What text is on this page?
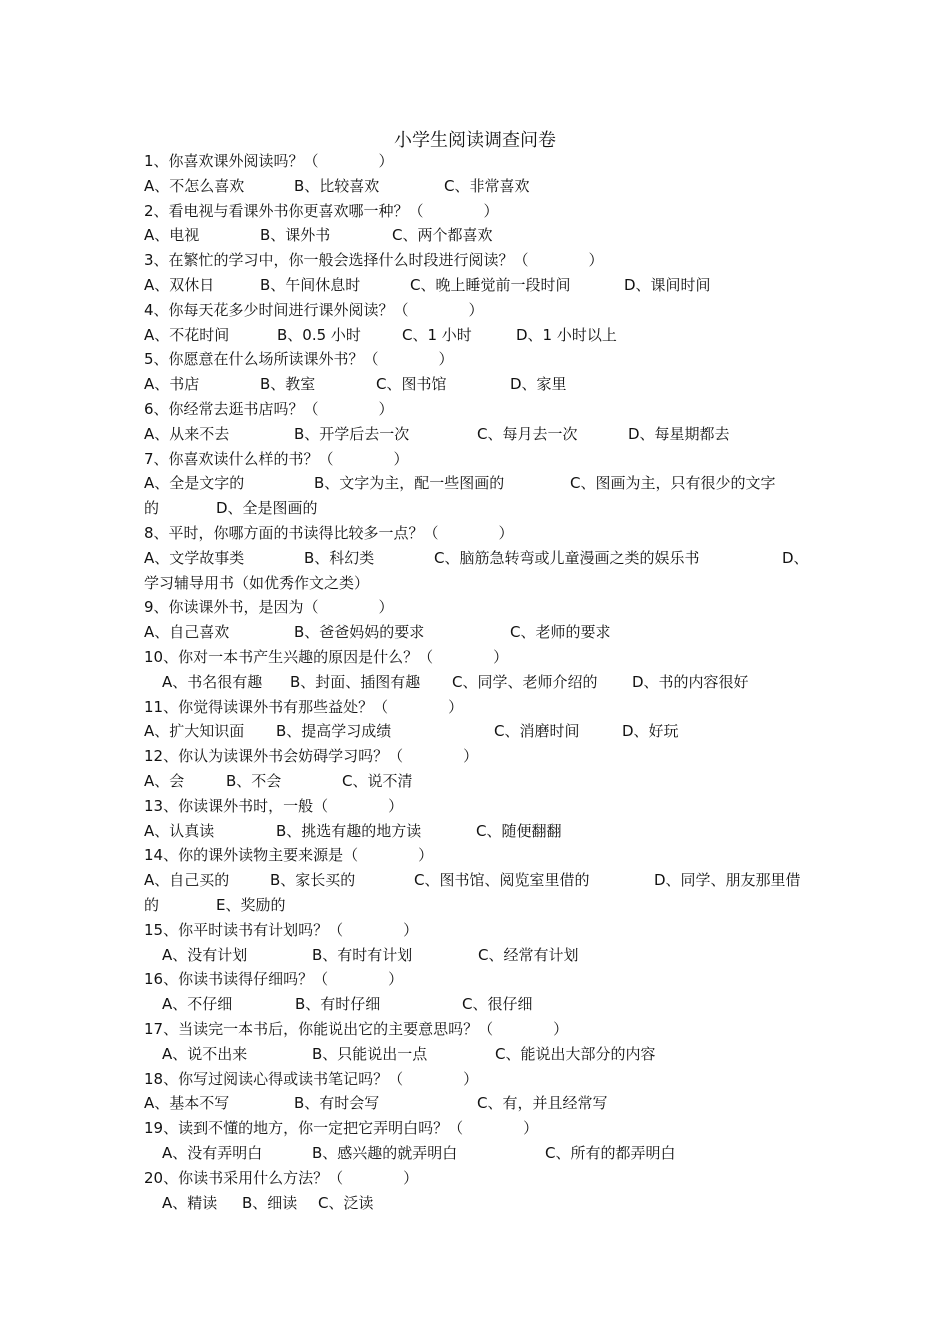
小学生阅读调查问卷
1、你喜欢课外阅读吗？（　　　　）
A、不怎么喜欢	B、比较喜欢	C、非常喜欢
2、看电视与看课外书你更喜欢哪一种？（　　　　）
A、电视	B、课外书	C、两个都喜欢
3、在繁忙的学习中，你一般会选择什么时段进行阅读？（　　　　）
A、双休日	B、午间休息时	C、晚上睡觉前一段时间	D、课间时间
4、你每天花多少时间进行课外阅读？（　　　　）
A、不花时间	B、0.5 小时	C、1 小时	D、1 小时以上
5、你愿意在什么场所读课外书？（　　　　）
A、书店	B、教室	C、图书馆	D、家里
6、你经常去逛书店吗？（　　　　）
A、从来不去	B、开学后去一次	C、每月去一次	D、每星期都去
7、你喜欢读什么样的书？（　　　　）
A、全是文字的	B、文字为主，配一些图画的	C、图画为主，只有很少的文字
的	D、全是图画的
8、平时，你哪方面的书读得比较多一点？（　　　　）
A、文学故事类	B、科幻类	C、脑筋急转弯或儿童漫画之类的娱乐书	D、
学习辅导用书（如优秀作文之类）
9、你读课外书，是因为（　　　　）
A、自己喜欢	B、爸爸妈妈的要求	C、老师的要求
10、你对一本书产生兴趣的原因是什么？（　　　　）
A、书名很有趣 B、封面、插图有趣 C、同学、老师介绍的 D、书的内容很好
11、你觉得读课外书有那些益处？（　　　　）
A、扩大知识面 B、提高学习成绩	C、消磨时间	D、好玩
12、你认为读课外书会妨碍学习吗？（　　　　）
A、会	B、不会	C、说不清
13、你读课外书时，一般（　　　　）
A、认真读	B、挑选有趣的地方读	C、随便翻翻
14、你的课外读物主要来源是（　　　　）
A、自己买的	B、家长买的	C、图书馆、阅览室里借的	D、同学、朋友那里借
的	E、奖励的
15、你平时读书有计划吗？（　　　　）
A、没有计划	B、有时有计划	C、经常有计划
16、你读书读得仔细吗？（　　　　）
A、不仔细	B、有时仔细	C、很仔细
17、当读完一本书后，你能说出它的主要意思吗？（　　　　）
A、说不出来	B、只能说出一点	C、能说出大部分的内容
18、你写过阅读心得或读书笔记吗？（　　　　）
A、基本不写	B、有时会写	C、有，并且经常写
19、读到不懂的地方，你一定把它弄明白吗？（　　　　）
A、没有弄明白	B、感兴趣的就弄明白	C、所有的都弄明白
20、你读书采用什么方法？（　　　　）
A、精读 B、细读 C、泛读
